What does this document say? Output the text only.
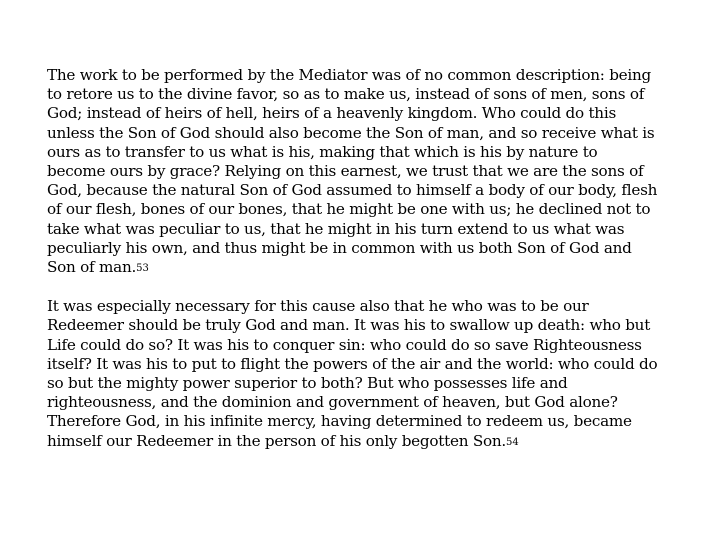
The work to be performed by the Mediator was of no common description: being to retore us to the divine favor, so as to make us, instead of sons of men, sons of God; instead of heirs of hell, heirs of a heavenly kingdom. Who could do this unless the Son of God should also become the Son of man, and so receive what is ours as to transfer to us what is his, making that which is his by nature to become ours by grace? Relying on this earnest, we trust that we are the sons of God, because the natural Son of God assumed to himself a body of our body, flesh of our flesh, bones of our bones, that he might be one with us; he declined not to take what was peculiar to us, that he might in his turn extend to us what was peculiarly his own, and thus might be in common with us both Son of God and Son of man.$^{53}$

It was especially necessary for this cause also that he who was to be our Redeemer should be truly God and man. It was his to swallow up death: who but Life could do so? It was his to conquer sin: who could do so save Righteousness itself? It was his to put to flight the powers of the air and the world: who could do so but the mighty power superior to both? But who possesses life and righteousness, and the dominion and government of heaven, but God alone? Therefore God, in his infinite mercy, having determined to redeem us, became himself our Redeemer in the person of his only begotten Son.$^{54}$
